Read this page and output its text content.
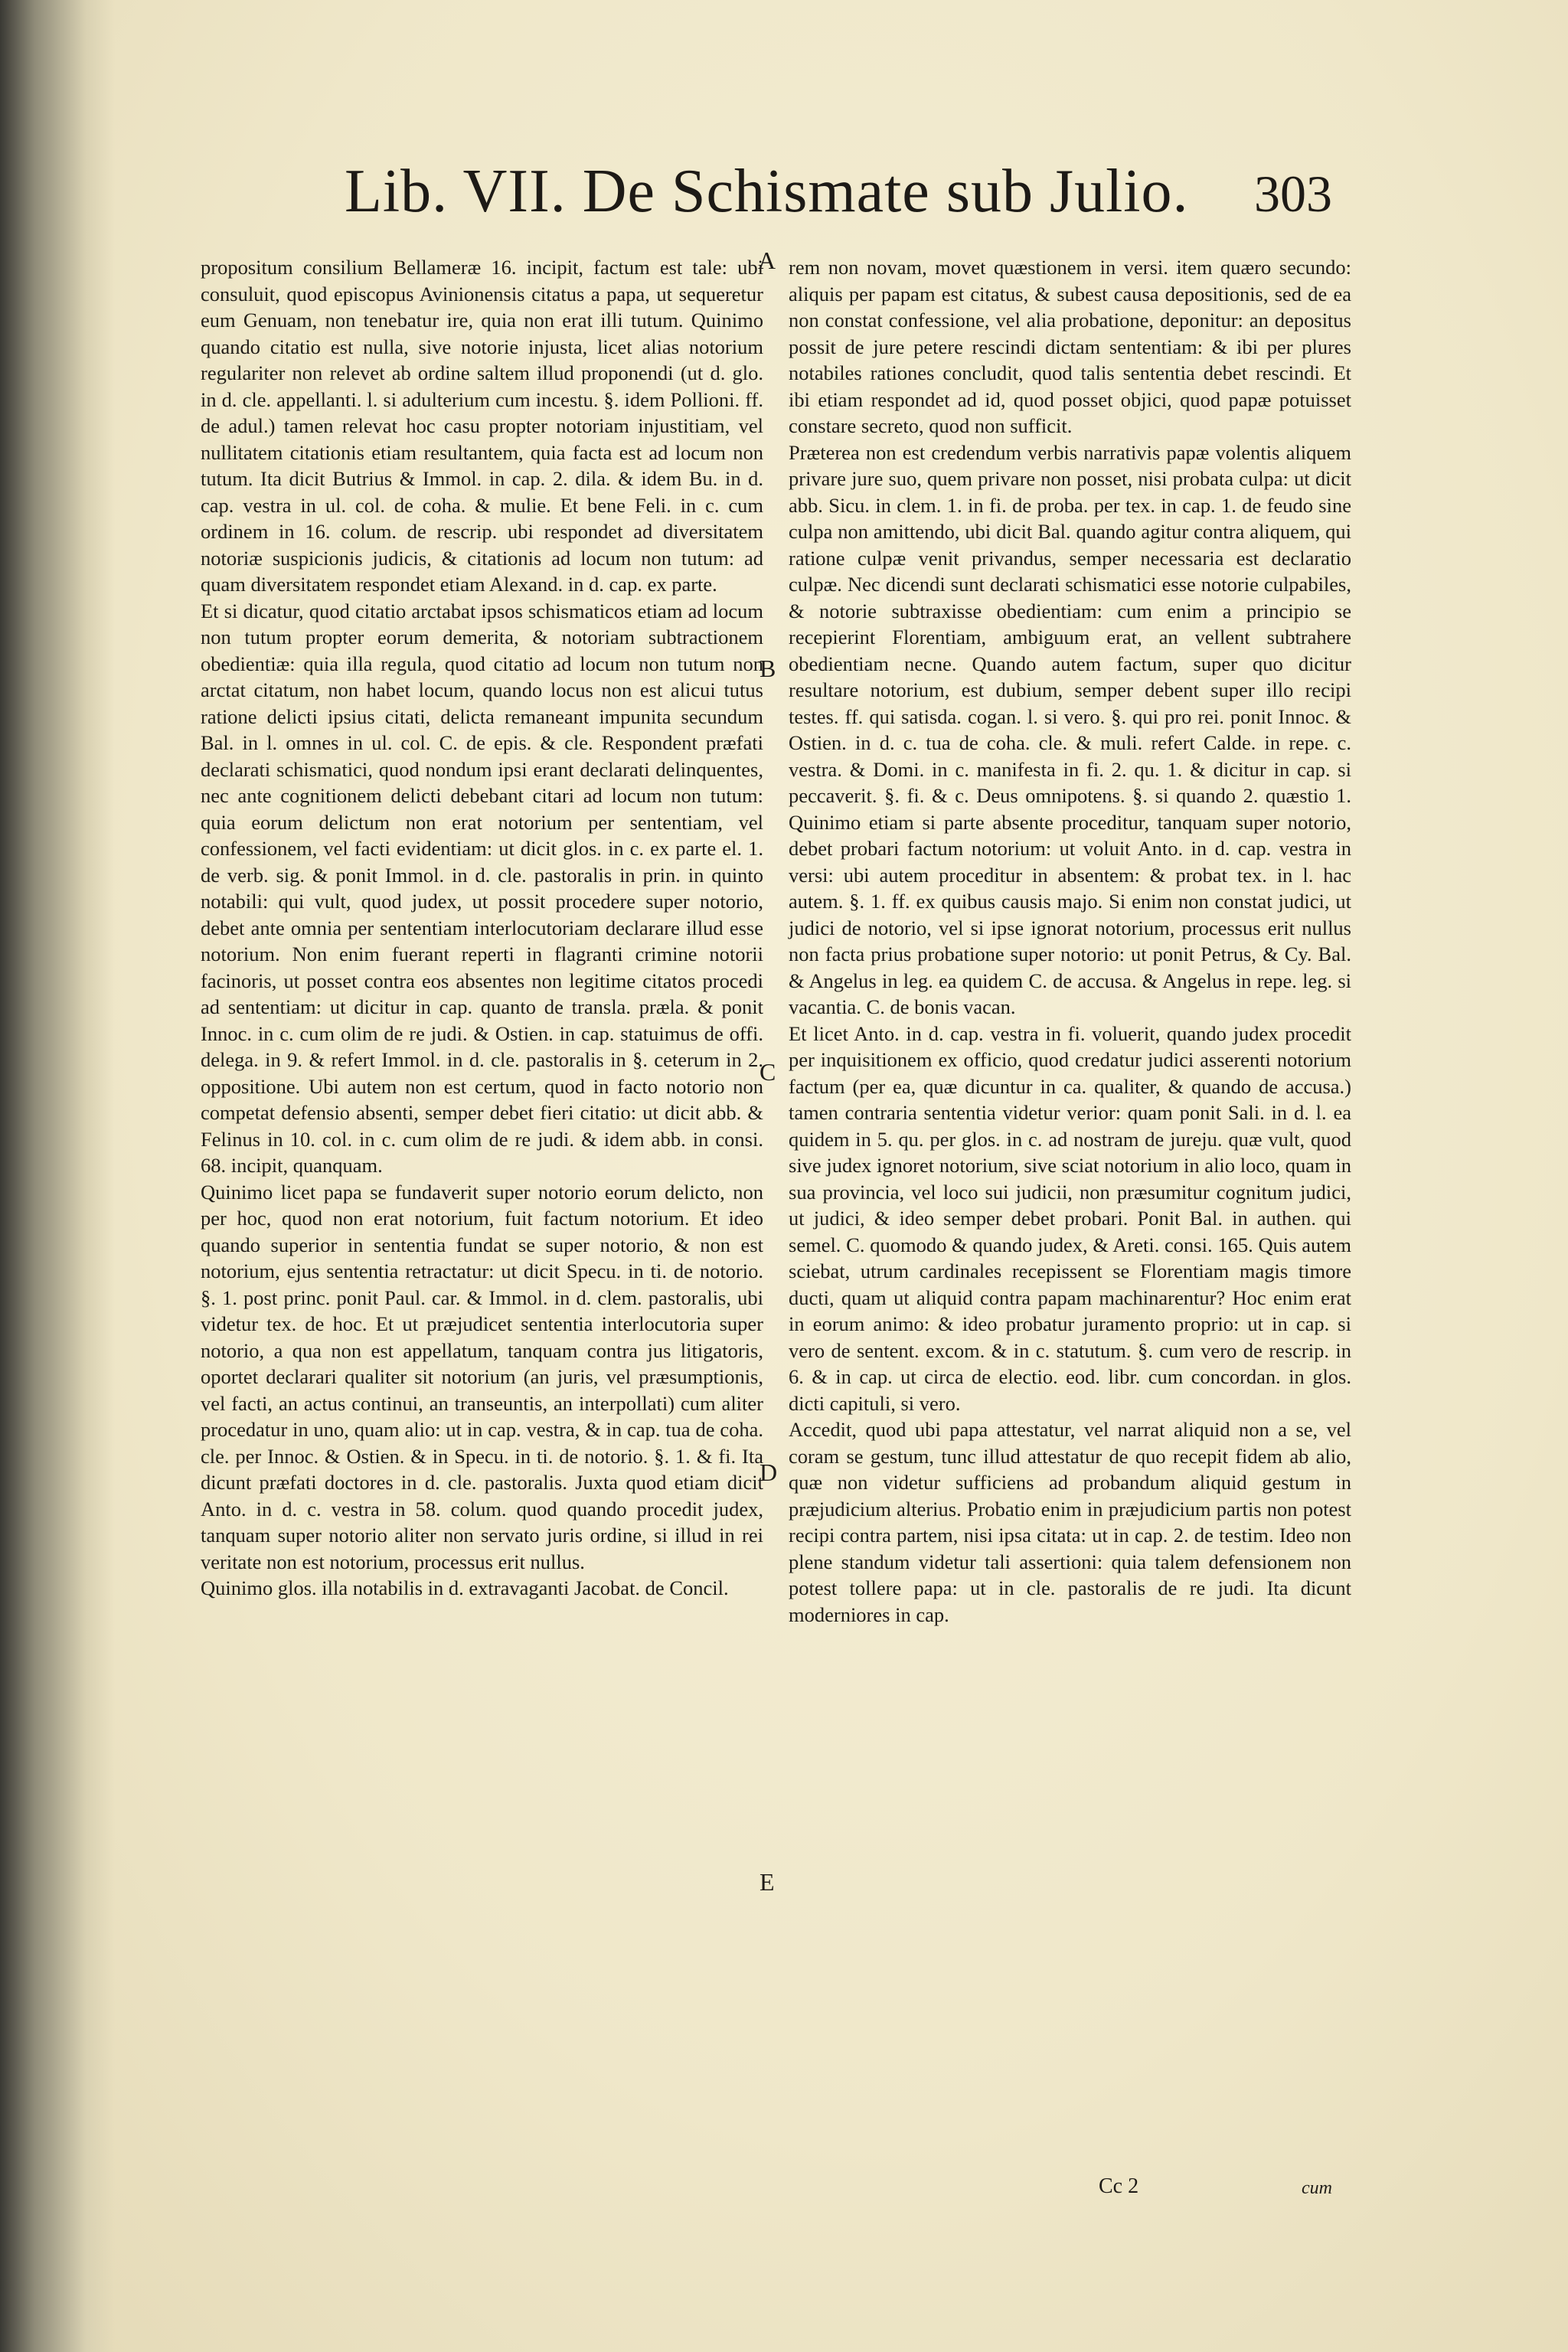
Lib. VII. De Schismate sub Julio. 303
propositum consilium Bellameræ 16. incipit, factum est tale: ubi consuluit, quod episcopus Avinionensis citatus a papa, ut sequeretur eum Genuam, non tenebatur ire, quia non erat illi tutum. Quinimo quando citatio est nulla, sive notorie injusta, licet alias notorium regulariter non relevet ab ordine saltem illud proponendi (ut d. glo. in d. cle. appellanti. l. si adulterium cum incestu. §. idem Pollioni. ff. de adul.) tamen relevat hoc casu propter notoriam injustitiam, vel nullitatem citationis etiam resultantem, quia facta est ad locum non tutum. Ita dicit Butrius & Immol. in cap. 2. dila. & idem Bu. in d. cap. vestra in ul. col. de coha. & mulie. Et bene Feli. in c. cum ordinem in 16. colum. de rescrip. ubi respondet ad diversitatem notoriæ suspicionis judicis, & citationis ad locum non tutum: ad quam diversitatem respondet etiam Alexand. in d. cap. ex parte.
Et si dicatur, quod citatio arctabat ipsos schismaticos etiam ad locum non tutum propter eorum demerita, & notoriam subtractionem obedientiæ: quia illa regula, quod citatio ad locum non tutum non arctat citatum, non habet locum, quando locus non est alicui tutus ratione delicti ipsius citati, delicta remaneant impunita secundum Bal. in l. omnes in ul. col. C. de epis. & cle. Respondent præfati declarati schismatici, quod nondum ipsi erant declarati delinquentes, nec ante cognitionem delicti debebant citari ad locum non tutum: quia eorum delictum non erat notorium per sententiam, vel confessionem, vel facti evidentiam: ut dicit glos. in c. ex parte el. 1. de verb. sig. & ponit Immol. in d. cle. pastoralis in prin. in quinto notabili: qui vult, quod judex, ut possit procedere super notorio, debet ante omnia per sententiam interlocutoriam declarare illud esse notorium. Non enim fuerant reperti in flagranti crimine notorii facinoris, ut posset contra eos absentes non legitime citatos procedi ad sententiam: ut dicitur in cap. quanto de transla. præla. & ponit Innoc. in c. cum olim de re judi. & Ostien. in cap. statuimus de offi. delega. in 9. & refert Immol. in d. cle. pastoralis in §. ceterum in 2. oppositione. Ubi autem non est certum, quod in facto notorio non competat defensio absenti, semper debet fieri citatio: ut dicit abb. & Felinus in 10. col. in c. cum olim de re judi. & idem abb. in consi. 68. incipit, quanquam.
Quinimo licet papa se fundaverit super notorio eorum delicto, non per hoc, quod non erat notorium, fuit factum notorium. Et ideo quando superior in sententia fundat se super notorio, & non est notorium, ejus sententia retractatur: ut dicit Specu. in ti. de notorio. §. 1. post princ. ponit Paul. car. & Immol. in d. clem. pastoralis, ubi videtur tex. de hoc. Et ut præjudicet sententia interlocutoria super notorio, a qua non est appellatum, tanquam contra jus litigatoris, oportet declarari qualiter sit notorium (an juris, vel præsumptionis, vel facti, an actus continui, an transeuntis, an interpollati) cum aliter procedatur in uno, quam alio: ut in cap. vestra, & in cap. tua de coha. cle. per Innoc. & Ostien. & in Specu. in ti. de notorio. §. 1. & fi. Ita dicunt præfati doctores in d. cle. pastoralis. Juxta quod etiam dicit Anto. in d. c. vestra in 58. colum. quod quando procedit judex, tanquam super notorio aliter non servato juris ordine, si illud in rei veritate non est notorium, processus erit nullus.
Quinimo glos. illa notabilis in d. extravaganti Jacobat. de Concil.
rem non novam, movet quæstionem in versi. item quæro secundo: aliquis per papam est citatus, & subest causa depositionis, sed de ea non constat confessione, vel alia probatione, deponitur: an depositus possit de jure petere rescindi dictam sententiam: & ibi per plures notabiles rationes concludit, quod talis sententia debet rescindi. Et ibi etiam respondet ad id, quod posset objici, quod papæ potuisset constare secreto, quod non sufficit.
Præterea non est credendum verbis narrativis papæ volentis aliquem privare jure suo, quem privare non posset, nisi probata culpa: ut dicit abb. Sicu. in clem. 1. in fi. de proba. per tex. in cap. 1. de feudo sine culpa non amittendo, ubi dicit Bal. quando agitur contra aliquem, qui ratione culpæ venit privandus, semper necessaria est declaratio culpæ. Nec dicendi sunt declarati schismatici esse notorie culpabiles, & notorie subtraxisse obedientiam: cum enim a principio se recepierint Florentiam, ambiguum erat, an vellent subtrahere obedientiam necne. Quando autem factum, super quo dicitur resultare notorium, est dubium, semper debent super illo recipi testes. ff. qui satisda. cogan. l. si vero. §. qui pro rei. ponit Innoc. & Ostien. in d. c. tua de coha. cle. & muli. refert Calde. in repe. c. vestra. & Domi. in c. manifesta in fi. 2. qu. 1. & dicitur in cap. si peccaverit. §. fi. & c. Deus omnipotens. §. si quando 2. quæstio 1. Quinimo etiam si parte absente proceditur, tanquam super notorio, debet probari factum notorium: ut voluit Anto. in d. cap. vestra in versi: ubi autem proceditur in absentem: & probat tex. in l. hac autem. §. 1. ff. ex quibus causis majo. Si enim non constat judici, ut judici de notorio, vel si ipse ignorat notorium, processus erit nullus non facta prius probatione super notorio: ut ponit Petrus, & Cy. Bal. & Angelus in leg. ea quidem C. de accusa. & Angelus in repe. leg. si vacantia. C. de bonis vacan.
Et licet Anto. in d. cap. vestra in fi. voluerit, quando judex procedit per inquisitionem ex officio, quod credatur judici asserenti notorium factum (per ea, quæ dicuntur in ca. qualiter, & quando de accusa.) tamen contraria sententia videtur verior: quam ponit Sali. in d. l. ea quidem in 5. qu. per glos. in c. ad nostram de jureju. quæ vult, quod sive judex ignoret notorium, sive sciat notorium in alio loco, quam in sua provincia, vel loco sui judicii, non præsumitur cognitum judici, ut judici, & ideo semper debet probari. Ponit Bal. in authen. qui semel. C. quomodo & quando judex, & Areti. consi. 165. Quis autem sciebat, utrum cardinales recepissent se Florentiam magis timore ducti, quam ut aliquid contra papam machinarentur? Hoc enim erat in eorum animo: & ideo probatur juramento proprio: ut in cap. si vero de sentent. excom. & in c. statutum. §. cum vero de rescrip. in 6. & in cap. ut circa de electio. eod. libr. cum concordan. in glos. dicti capituli, si vero.
Accedit, quod ubi papa attestatur, vel narrat aliquid non a se, vel coram se gestum, tunc illud attestatur de quo recepit fidem ab alio, quæ non videtur sufficiens ad probandum aliquid gestum in præjudicium alterius. Probatio enim in præjudicium partis non potest recipi contra partem, nisi ipsa citata: ut in cap. 2. de testim. Ideo non plene standum videtur tali assertioni: quia talem defensionem non potest tollere papa: ut in cle. pastoralis de re judi. Ita dicunt moderniores in cap.
A
B
C
D
E
Cc 2	cum
